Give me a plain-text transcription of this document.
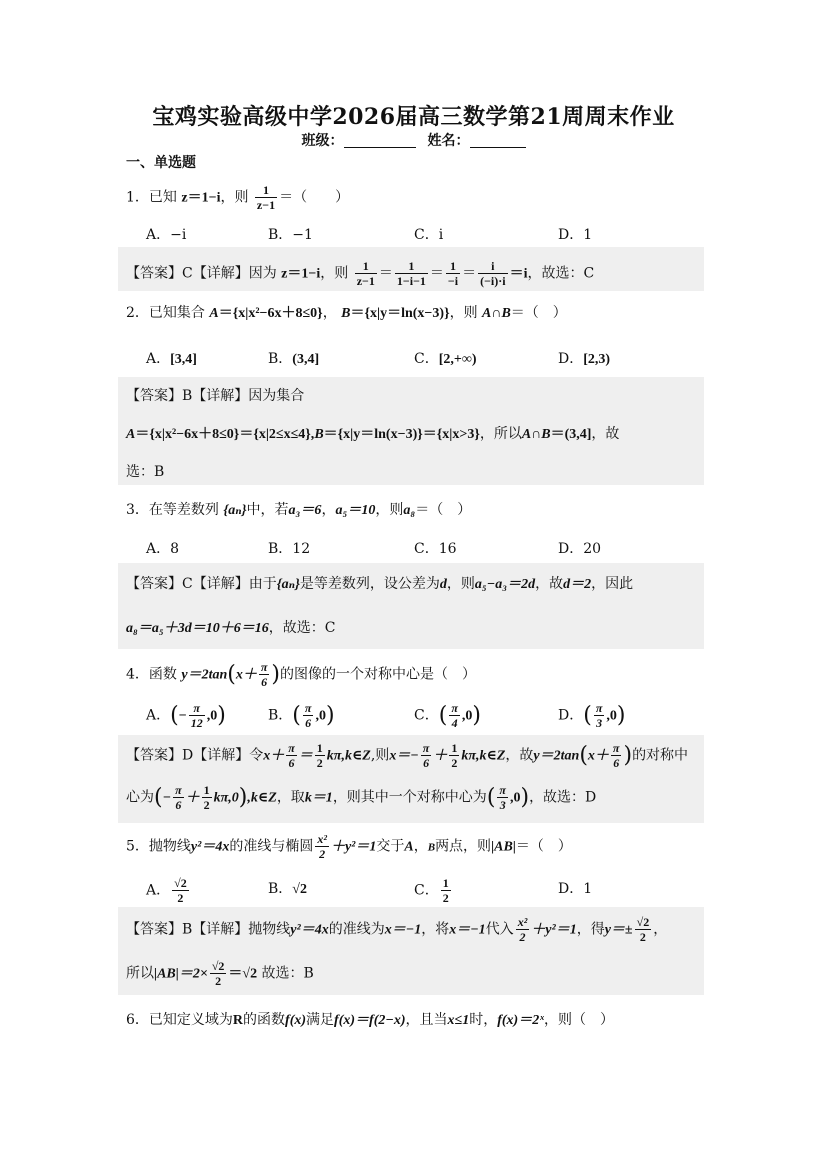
宝鸡实验高级中学2026届高三数学第21周周末作业
班级：	姓名：
一、单选题
1．已知 z＝1−i，则 $\frac{1}{z-1}$ ＝（　　）
A．−i	B．−1	C．i	D．1
【答案】C【详解】因为 z＝1−i，则 $\frac{1}{z-1} = \frac{1}{1-i-1} = \frac{1}{-i} = \frac{i}{(-i)\cdot i} =i$，故选：C
2．已知集合 A＝{x|x²−6x＋8≤0}， B＝{x|y＝ln(x−3)}，则 A∩B＝（　）
A．[3,4]	B．(3,4]	C．[2,+∞)	D．[2,3)
【答案】B【详解】因为集合
A＝{x|x²−6x＋8≤0}＝{x|2≤x≤4},B＝{x|y＝ln(x−3)}＝{x|x>3}，所以A∩B＝(3,4]，故
选：B
3．在等差数列 {aₙ}中，若a₃＝6，a₅＝10，则a₈＝（　）
A．8	B．12	C．16	D．20
【答案】C【详解】由于{aₙ}是等差数列，设公差为d，则a₅−a₃＝2d，故d＝2，因此
a₈＝a₅＋3d＝10＋6＝16，故选：C
4．函数 $y=2\tan(x+ \frac{\pi}{6}$ )的图像的一个对称中心是（　）
A．(− $\frac{\pi}{12} ,0$)	B．( $\frac{\pi}{6} ,0$)	C．( $\frac{\pi}{4} ,0$)	D．( $\frac{\pi}{3} ,0$)
【答案】D【详解】令$x+ \frac{\pi}{6} = \frac{1}{2}$ kπ,k∈Z,则$x=- \frac{\pi}{6} + \frac{1}{2}$ kπ,k∈Z，故$y=2\tan(x+ \frac{\pi}{6}$ )的对称中
心为(− $\frac{\pi}{6} + \frac{1}{2}$ kπ,0),k∈Z，取k＝1，则其中一个对称中心为( $\frac{\pi}{3} ,0$)，故选：D
5．抛物线y²＝4x的准线与椭圆 $\frac{\text{x²}}{2} +y^2=1$交于A，B两点，则|AB|＝（　）
A． $\frac{√2}{2}$	B．√2	C． $\frac{1}{2}$	D．1
【答案】B【详解】抛物线y²＝4x的准线为x＝−1，将x＝−1代入 $\frac{\text{x²}}{2} +y^2=1$，得$y=\pm \frac{√2}{2}$ ，
所以$|AB|=2\times \frac{√2}{2} =√2$ 故选：B
6．已知定义域为R的函数f(x)满足f(x)＝f(2−x)，且当x≤1时，f(x)＝2ˣ，则（　）
